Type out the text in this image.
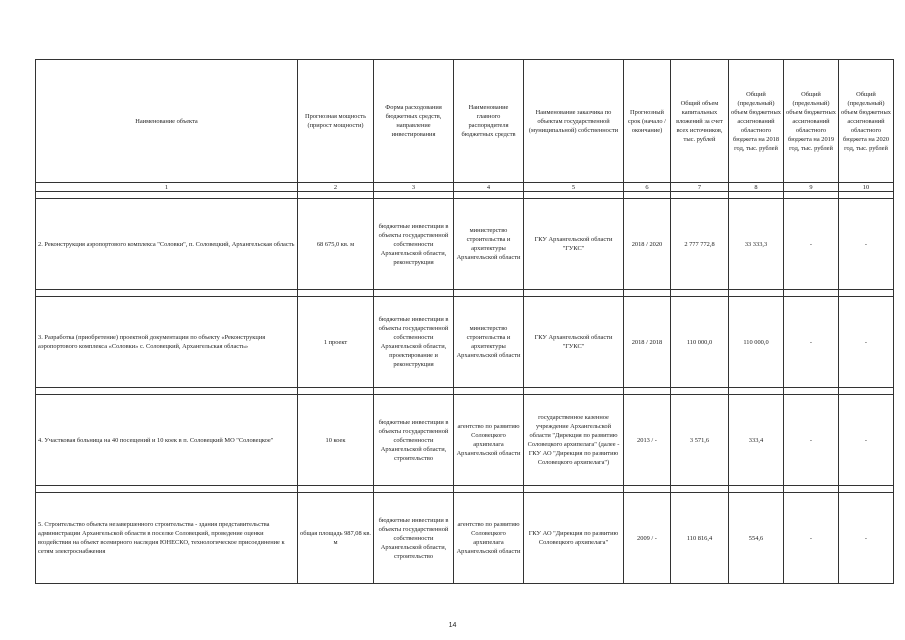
Наименование объекта	Прогнозная мощность (прирост мощности)	Форма расходования бюджетных средств, направление инвестирования	Наименование главного распорядителя бюджетных средств	Наименование заказчика по объектам государственной (муниципальной) собственности	Прогнозный срок (начало / окончание)	Общий объем капитальных вложений за счет всех источников, тыс. рублей	Общий (предельный) объем бюджетных ассигнований областного бюджета на 2018 год, тыс. рублей	Общий (предельный) объем бюджетных ассигнований областного бюджета на 2019 год, тыс. рублей	Общий (предельный) объем бюджетных ассигнований областного бюджета на 2020 год, тыс. рублей
1	2	3	4	5	6	7	8	9	10

2. Реконструкция аэропортового комплекса "Соловки", п. Соловецкий, Архангельская область	68 675,0 кв. м	бюджетные инвестиции в объекты государственной собственности Архангельской области, реконструкция	министерство строительства и архитектуры Архангельской области	ГКУ Архангельской области "ГУКС"	2018 / 2020	2 777 772,8	33 333,3	-	-

3. Разработка (приобретение) проектной документации по объекту «Реконструкция аэропортового комплекса «Соловки» с. Соловецкий, Архангельская область»	1 проект	бюджетные инвестиции в объекты государственной собственности Архангельской области, проектирование и реконструкция	министерство строительства и архитектуры Архангельской области	ГКУ Архангельской области "ГУКС"	2018 / 2018	110 000,0	110 000,0	-	-

4. Участковая больница на 40 посещений и 10 коек в п. Соловецкий МО "Соловецкое"	10 коек	бюджетные инвестиции в объекты государственной собственности Архангельской области, строительство	агентство по развитию Соловецкого архипелага Архангельской области	государственное казенное учреждение Архангельской области "Дирекция по развитию Соловецкого архипелага" (далее - ГКУ АО "Дирекция по развитию Соловецкого архипелага")	2013 / -	3 571,6	333,4	-	-

5. Строительство объекта незавершенного строительства - здания представительства администрации Архангельской области в поселке Соловецкий, проведение оценки воздействия на объект всемирного наследия ЮНЕСКО, технологическое присоединение к сетям электроснабжения	общая площадь 987,08 кв. м	бюджетные инвестиции в объекты государственной собственности Архангельской области, строительство	агентство по развитию Соловецкого архипелага Архангельской области	ГКУ АО "Дирекция по развитию Соловецкого архипелага"	2009 / -	110 816,4	554,6	-	-
14
